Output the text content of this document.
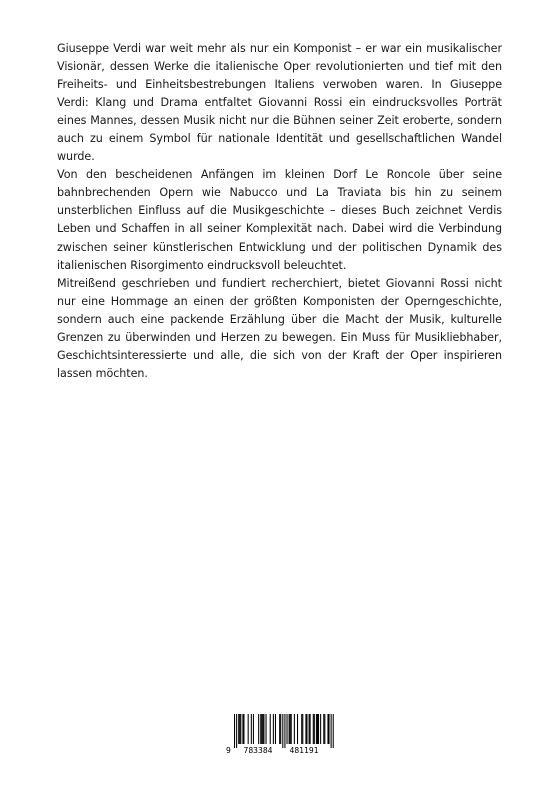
Giuseppe Verdi war weit mehr als nur ein Komponist – er war ein musikalischer Visionär, dessen Werke die italienische Oper revolutionierten und tief mit den Freiheits- und Einheitsbestrebungen Italiens verwoben waren. In Giuseppe Verdi: Klang und Drama entfaltet Giovanni Rossi ein eindrucksvolles Porträt eines Mannes, dessen Musik nicht nur die Bühnen seiner Zeit eroberte, sondern auch zu einem Symbol für nationale Identität und gesellschaftlichen Wandel wurde.

Von den bescheidenen Anfängen im kleinen Dorf Le Roncole über seine bahnbrechenden Opern wie Nabucco und La Traviata bis hin zu seinem unsterblichen Einfluss auf die Musikgeschichte – dieses Buch zeichnet Verdis Leben und Schaffen in all seiner Komplexität nach. Dabei wird die Verbindung zwischen seiner künstlerischen Entwicklung und der politischen Dynamik des italienischen Risorgimento eindrucksvoll beleuchtet.

Mitreißend geschrieben und fundiert recherchiert, bietet Giovanni Rossi nicht nur eine Hommage an einen der größten Komponisten der Operngeschichte, sondern auch eine packende Erzählung über die Macht der Musik, kulturelle Grenzen zu überwinden und Herzen zu bewegen. Ein Muss für Musikliebhaber, Geschichtsinteressierte und alle, die sich von der Kraft der Oper inspirieren lassen möchten.

9	783384	481191
